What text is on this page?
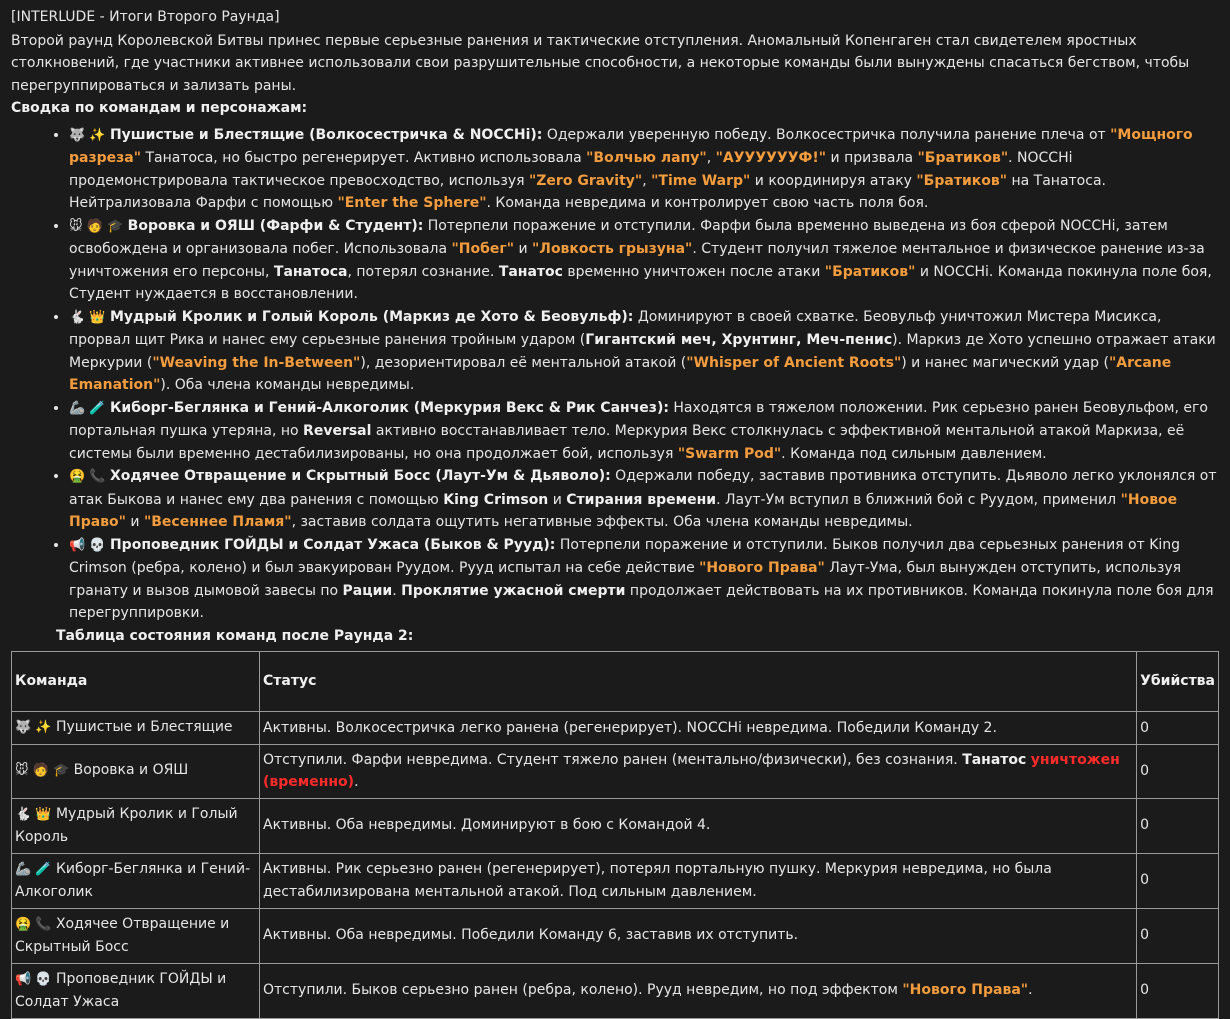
[INTERLUDE - Итоги Второго Раунда]

Второй раунд Королевской Битвы принес первые серьезные ранения и тактические отступления. Аномальный Копенгаген стал свидетелем яростных столкновений, где участники активнее использовали свои разрушительные способности, а некоторые команды были вынуждены спасаться бегством, чтобы перегруппироваться и зализать раны.

Сводка по командам и персонажам:

• 🐺 ✨ Пушистые и Блестящие (Волкосестричка & NOCCHi): Одержали уверенную победу. Волкосестричка получила ранение плеча от "Мощного разреза" Танатоса, но быстро регенерирует. Активно использовала "Волчью лапу", "АУУУУУУФ!" и призвала "Братиков". NOCCHi продемонстрировала тактическое превосходство, используя "Zero Gravity", "Time Warp" и координируя атаку "Братиков" на Танатоса. Нейтрализовала Фарфи с помощью "Enter the Sphere". Команда невредима и контролирует свою часть поля боя.
• 🐭 🧑 🎓 Воровка и ОЯШ (Фарфи & Студент): Потерпели поражение и отступили. Фарфи была временно выведена из боя сферой NOCCHi, затем освобождена и организовала побег. Использовала "Побег" и "Ловкость грызуна". Студент получил тяжелое ментальное и физическое ранение из-за уничтожения его персоны, Танатоса, потерял сознание. Танатос временно уничтожен после атаки "Братиков" и NOCCHi. Команда покинула поле боя, Студент нуждается в восстановлении.
• 🐇 👑 Мудрый Кролик и Голый Король (Маркиз де Хото & Беовульф): Доминируют в своей схватке. Беовульф уничтожил Мистера Мисикса, прорвал щит Рика и нанес ему серьезные ранения тройным ударом (Гигантский меч, Хрунтинг, Меч-пенис). Маркиз де Хото успешно отражает атаки Меркурии ("Weaving the In-Between"), дезориентировал её ментальной атакой ("Whisper of Ancient Roots") и нанес магический удар ("Arcane Emanation"). Оба члена команды невредимы.
• 🦾 🧪 Киборг-Беглянка и Гений-Алкоголик (Меркурия Векс & Рик Санчез): Находятся в тяжелом положении. Рик серьезно ранен Беовульфом, его портальная пушка утеряна, но Reversal активно восстанавливает тело. Меркурия Векс столкнулась с эффективной ментальной атакой Маркиза, её системы были временно дестабилизированы, но она продолжает бой, используя "Swarm Pod". Команда под сильным давлением.
• 🤮 📞 Ходячее Отвращение и Скрытный Босс (Лаут-Ум & Дьяволо): Одержали победу, заставив противника отступить. Дьяволо легко уклонялся от атак Быкова и нанес ему два ранения с помощью King Crimson и Стирания времени. Лаут-Ум вступил в ближний бой с Руудом, применил "Новое Право" и "Весеннее Пламя", заставив солдата ощутить негативные эффекты. Оба члена команды невредимы.
• 📢 💀 Проповедник ГОЙДЫ и Солдат Ужаса (Быков & Рууд): Потерпели поражение и отступили. Быков получил два серьезных ранения от King Crimson (ребра, колено) и был эвакуирован Руудом. Рууд испытал на себе действие "Нового Права" Лаут-Ума, был вынужден отступить, используя гранату и вызов дымовой завесы по Рации. Проклятие ужасной смерти продолжает действовать на их противников. Команда покинула поле боя для перегруппировки.

Таблица состояния команд после Раунда 2:

Команда	Статус	Убийства
🐺 ✨ Пушистые и Блестящие	Активны. Волкосестричка легко ранена (регенерирует). NOCCHi невредима. Победили Команду 2.	0
🐭 🧑 🎓 Воровка и ОЯШ	Отступили. Фарфи невредима. Студент тяжело ранен (ментально/физически), без сознания. Танатос уничтожен (временно).	0
🐇 👑 Мудрый Кролик и Голый Король	Активны. Оба невредимы. Доминируют в бою с Командой 4.	0
🦾 🧪 Киборг-Беглянка и Гений-Алкоголик	Активны. Рик серьезно ранен (регенерирует), потерял портальную пушку. Меркурия невредима, но была дестабилизирована ментальной атакой. Под сильным давлением.	0
🤮 📞 Ходячее Отвращение и Скрытный Босс	Активны. Оба невредимы. Победили Команду 6, заставив их отступить.	0
📢 💀 Проповедник ГОЙДЫ и Солдат Ужаса	Отступили. Быков серьезно ранен (ребра, колено). Рууд невредим, но под эффектом "Нового Права".	0
